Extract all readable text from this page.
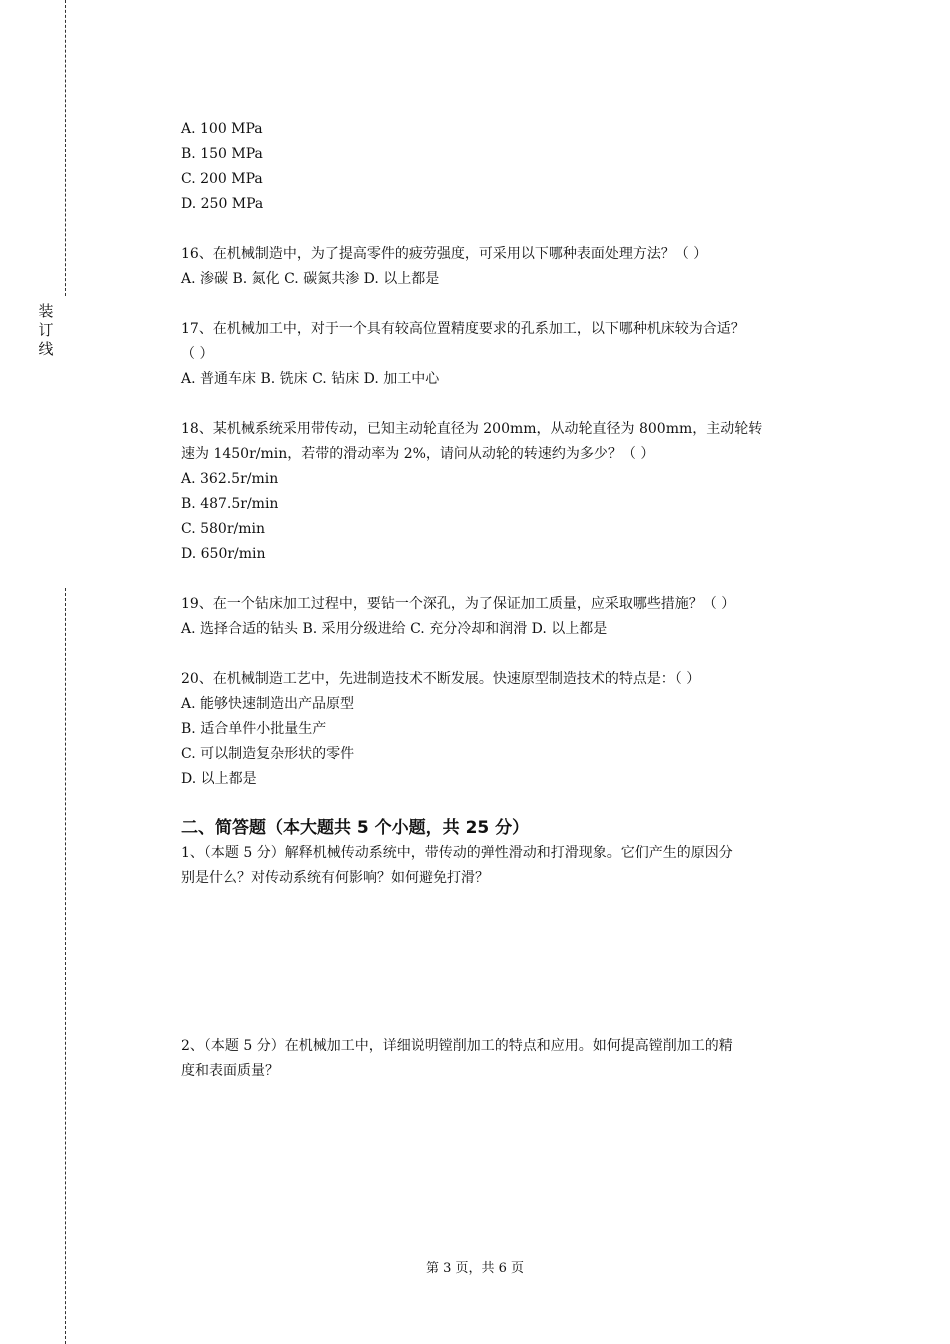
装
订
线
A. 100 MPa
B. 150 MPa
C. 200 MPa
D. 250 MPa
16、在机械制造中，为了提高零件的疲劳强度，可采用以下哪种表面处理方法？（ ）
A. 渗碳 B. 氮化 C. 碳氮共渗 D. 以上都是
17、在机械加工中，对于一个具有较高位置精度要求的孔系加工，以下哪种机床较为合适？
（ ）
A. 普通车床 B. 铣床 C. 钻床 D. 加工中心
18、某机械系统采用带传动，已知主动轮直径为 200mm，从动轮直径为 800mm，主动轮转
速为 1450r/min，若带的滑动率为 2%，请问从动轮的转速约为多少？（ ）
A. 362.5r/min
B. 487.5r/min
C. 580r/min
D. 650r/min
19、在一个钻床加工过程中，要钻一个深孔，为了保证加工质量，应采取哪些措施？（ ）
A. 选择合适的钻头 B. 采用分级进给 C. 充分冷却和润滑 D. 以上都是
20、在机械制造工艺中，先进制造技术不断发展。快速原型制造技术的特点是：（ ）
A. 能够快速制造出产品原型
B. 适合单件小批量生产
C. 可以制造复杂形状的零件
D. 以上都是
二、简答题（本大题共 5 个小题，共 25 分）
1、（本题 5 分）解释机械传动系统中，带传动的弹性滑动和打滑现象。它们产生的原因分
别是什么？对传动系统有何影响？如何避免打滑？
2、（本题 5 分）在机械加工中，详细说明镗削加工的特点和应用。如何提高镗削加工的精
度和表面质量？
第 3 页，共 6 页
